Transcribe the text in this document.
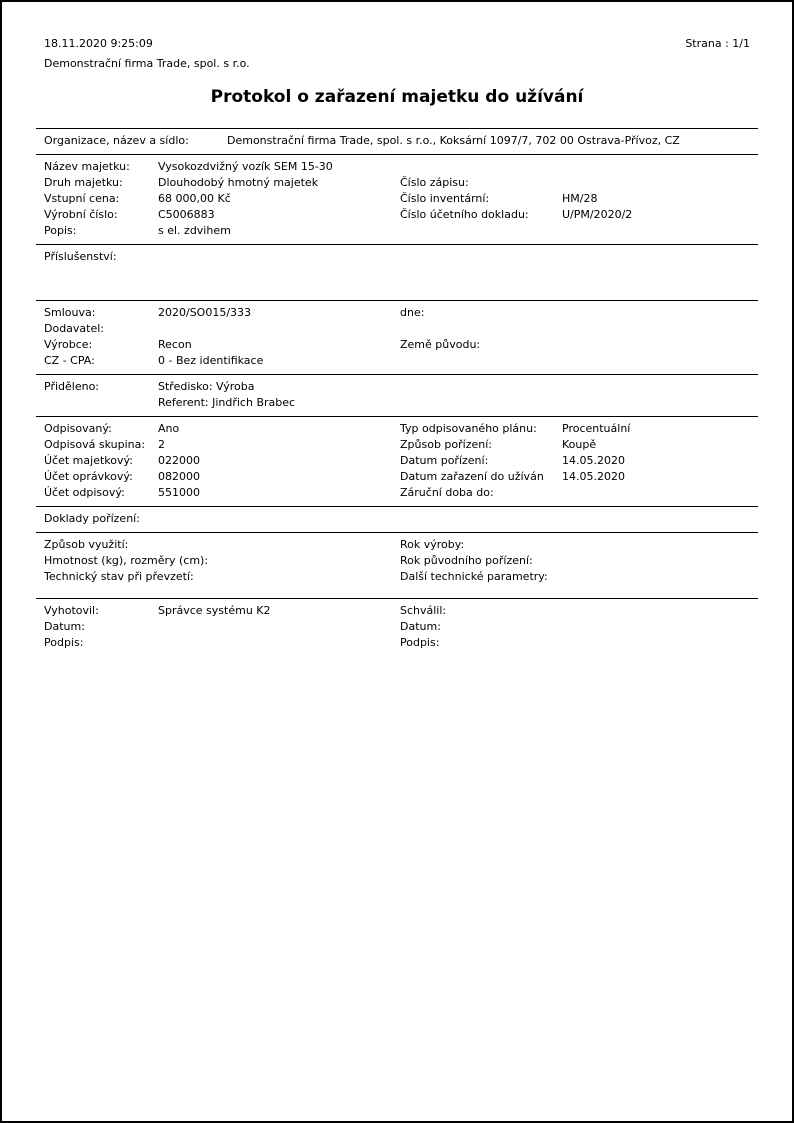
18.11.2020 9:25:09	Strana : 1/1
Demonstrační firma Trade, spol. s r.o.
Protokol o zařazení majetku do užívání
Organizace, název a sídlo:	Demonstrační firma Trade, spol. s r.o., Koksární 1097/7, 702 00 Ostrava-Přívoz, CZ
Název majetku:	Vysokozdvižný vozík SEM 15-30
Druh majetku:	Dlouhodobý hmotný majetek	Číslo zápisu:
Vstupní cena:	68 000,00 Kč	Číslo inventární:	HM/28
Výrobní číslo:	C5006883	Číslo účetního dokladu:	U/PM/2020/2
Popis:	s el. zdvihem
Příslušenství:
Smlouva:	2020/SO015/333	dne:
Dodavatel:
Výrobce:	Recon	Země původu:
CZ - CPA:	0 - Bez identifikace
Přiděleno:	Středisko: Výroba
Referent: Jindřich Brabec
Odpisovaný:	Ano	Typ odpisovaného plánu:	Procentuální
Odpisová skupina:	2	Způsob pořízení:	Koupě
Účet majetkový:	022000	Datum pořízení:	14.05.2020
Účet oprávkový:	082000	Datum zařazení do užíván	14.05.2020
Účet odpisový:	551000	Záruční doba do:
Doklady pořízení:
Způsob využití:	Rok výroby:
Hmotnost (kg), rozměry (cm):	Rok původního pořízení:
Technický stav při převzetí:	Další technické parametry:
Vyhotovil:	Správce systému K2	Schválil:
Datum:	Datum:
Podpis:	Podpis:
